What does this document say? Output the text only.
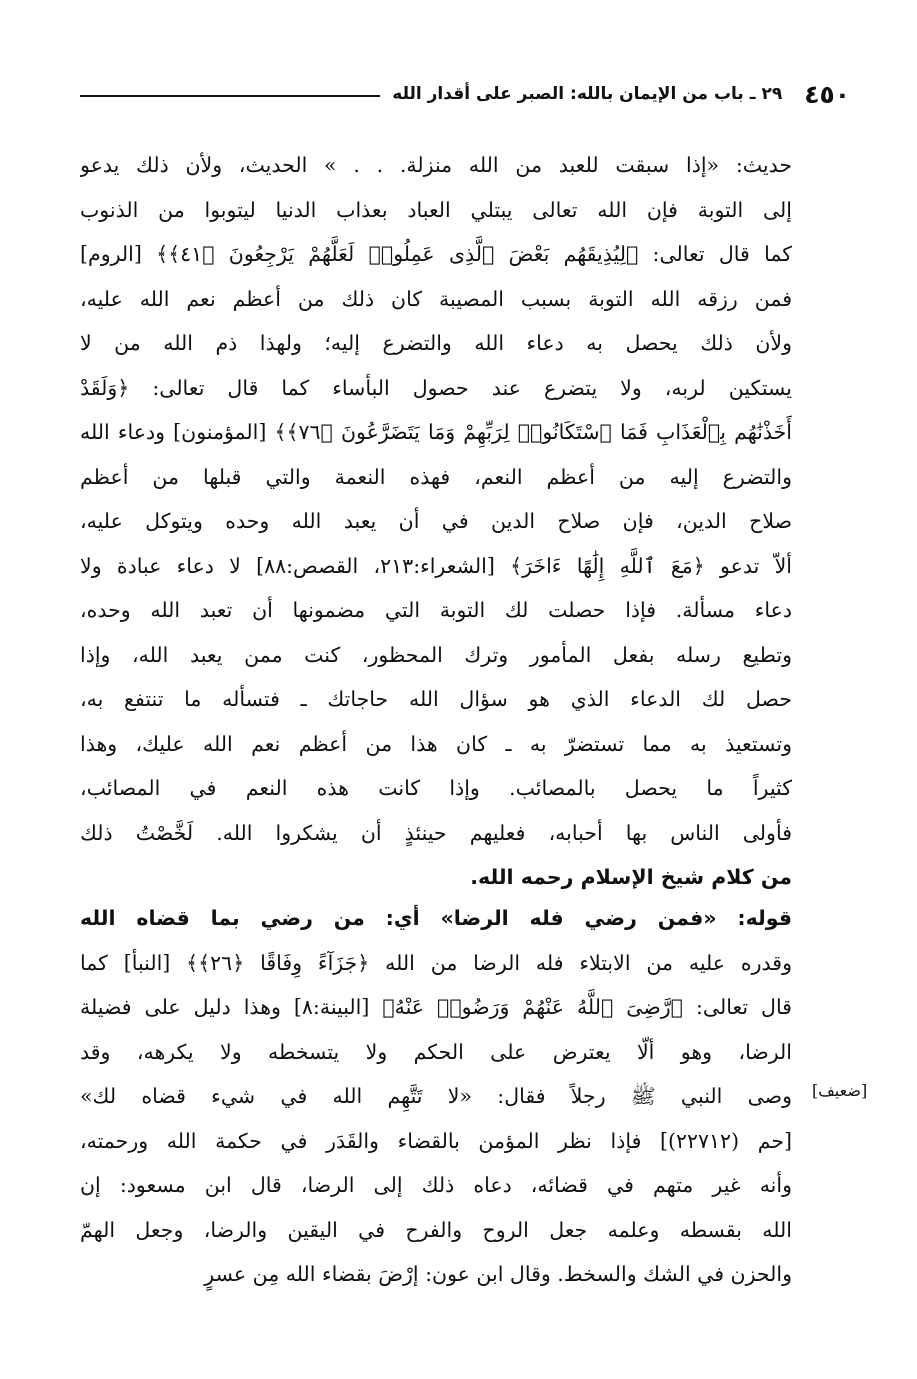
٤٥٠
٢٩ ـ باب من الإيمان بالله: الصبر على أقدار الله
حديث: «إذا سبقت للعبد من الله منزلة. . . » الحديث، ولأن ذلك يدعو
إلى التوبة فإن الله تعالى يبتلي العباد بعذاب الدنيا ليتوبوا من الذنوب
كما قال تعالى: ﴿لِيُذِيقَهُم بَعْضَ ٱلَّذِى عَمِلُوا۟ لَعَلَّهُمْ يَرْجِعُونَ ﴿٤١﴾﴾ [الروم]
فمن رزقه الله التوبة بسبب المصيبة كان ذلك من أعظم نعم الله عليه،
ولأن ذلك يحصل به دعاء الله والتضرع إليه؛ ولهذا ذم الله من لا
يستكين لربه، ولا يتضرع عند حصول البأساء كما قال تعالى: ﴿وَلَقَدْ
أَخَذْنَٰهُم بِٱلْعَذَابِ فَمَا ٱسْتَكَانُوا۟ لِرَبِّهِمْ وَمَا يَتَضَرَّعُونَ ﴿٧٦﴾﴾ [المؤمنون] ودعاء الله
والتضرع إليه من أعظم النعم، فهذه النعمة والتي قبلها من أعظم
صلاح الدين، فإن صلاح الدين في أن يعبد الله وحده ويتوكل عليه،
ألاّ تدعو ﴿مَعَ ٱللَّهِ إِلَٰهًا ءَاخَرَ﴾ [الشعراء:٢١٣، القصص:٨٨] لا دعاء عبادة ولا
دعاء مسألة. فإذا حصلت لك التوبة التي مضمونها أن تعبد الله وحده،
وتطيع رسله بفعل المأمور وترك المحظور، كنت ممن يعبد الله، وإذا
حصل لك الدعاء الذي هو سؤال الله حاجاتك ـ فتسأله ما تنتفع به،
وتستعيذ به مما تستضرّ به ـ كان هذا من أعظم نعم الله عليك، وهذا
كثيراً ما يحصل بالمصائب. وإذا كانت هذه النعم في المصائب،
فأولى الناس بها أحبابه، فعليهم حينئذٍ أن يشكروا الله. لَخَّصْتُ ذلك
من كلام شيخ الإسلام رحمه الله.
قوله: «فمن رضي فله الرضا» أي: من رضي بما قضاه الله
وقدره عليه من الابتلاء فله الرضا من الله ﴿جَزَآءً وِفَاقًا ﴿٢٦﴾﴾ [النبأ] كما
قال تعالى: ﴿رَّضِىَ ٱللَّهُ عَنْهُمْ وَرَضُوا۟ عَنْهُ﴾ [البينة:٨] وهذا دليل على فضيلة
الرضا، وهو ألّا يعترض على الحكم ولا يتسخطه ولا يكرهه، وقد
وصى النبي ﷺ رجلاً فقال: «لا تَتَّهِم الله في شيء قضاه لك»
[حم (٢٢٧١٢)] فإذا نظر المؤمن بالقضاء والقَدَر في حكمة الله ورحمته،
وأنه غير متهم في قضائه، دعاه ذلك إلى الرضا، قال ابن مسعود: إن
الله بقسطه وعلمه جعل الروح والفرح في اليقين والرضا، وجعل الهمّ
والحزن في الشك والسخط. وقال ابن عون: إرْضَ بقضاء الله مِن عسرٍ
[ضعيف]
